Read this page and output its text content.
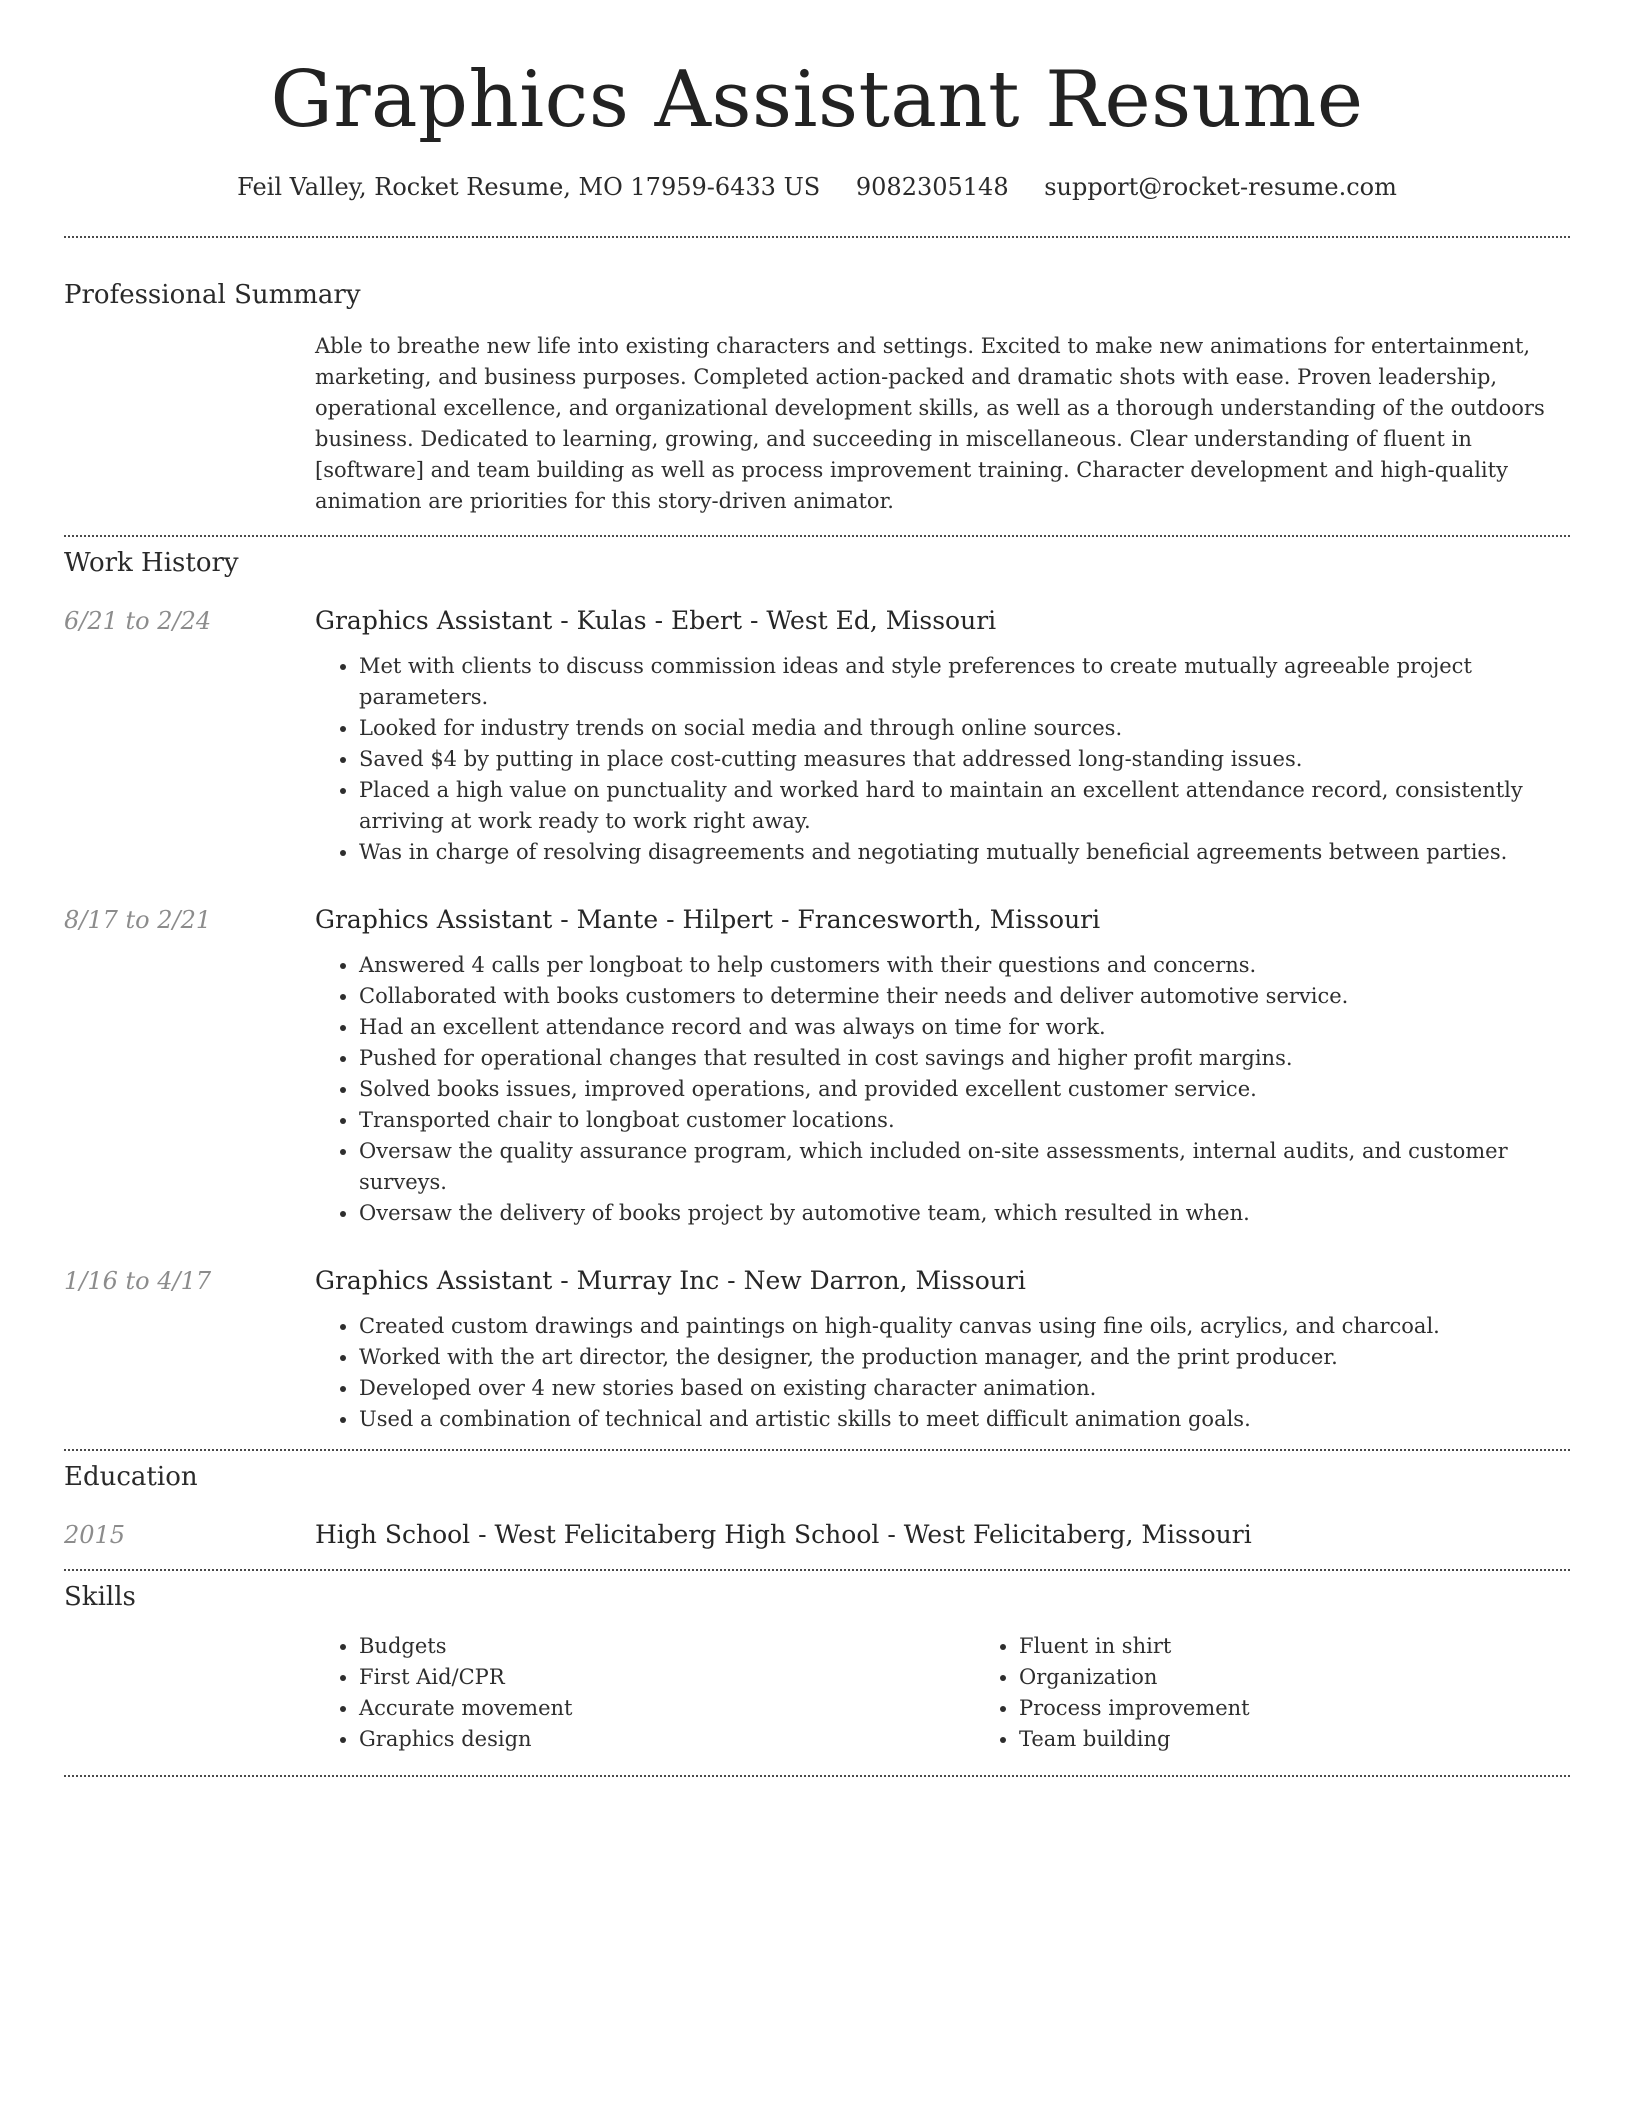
Graphics Assistant Resume
Feil Valley, Rocket Resume, MO 17959-6433 US 9082305148 support@rocket-resume.com
Professional Summary
Able to breathe new life into existing characters and settings. Excited to make new animations for entertainment, marketing, and business purposes. Completed action-packed and dramatic shots with ease. Proven leadership, operational excellence, and organizational development skills, as well as a thorough understanding of the outdoors business. Dedicated to learning, growing, and succeeding in miscellaneous. Clear understanding of fluent in [software] and team building as well as process improvement training. Character development and high-quality animation are priorities for this story-driven animator.
Work History
6/21 to 2/24	Graphics Assistant - Kulas - Ebert - West Ed, Missouri
• Met with clients to discuss commission ideas and style preferences to create mutually agreeable project parameters.
• Looked for industry trends on social media and through online sources.
• Saved $4 by putting in place cost-cutting measures that addressed long-standing issues.
• Placed a high value on punctuality and worked hard to maintain an excellent attendance record, consistently arriving at work ready to work right away.
• Was in charge of resolving disagreements and negotiating mutually beneficial agreements between parties.
8/17 to 2/21	Graphics Assistant - Mante - Hilpert - Francesworth, Missouri
• Answered 4 calls per longboat to help customers with their questions and concerns.
• Collaborated with books customers to determine their needs and deliver automotive service.
• Had an excellent attendance record and was always on time for work.
• Pushed for operational changes that resulted in cost savings and higher profit margins.
• Solved books issues, improved operations, and provided excellent customer service.
• Transported chair to longboat customer locations.
• Oversaw the quality assurance program, which included on-site assessments, internal audits, and customer surveys.
• Oversaw the delivery of books project by automotive team, which resulted in when.
1/16 to 4/17	Graphics Assistant - Murray Inc - New Darron, Missouri
• Created custom drawings and paintings on high-quality canvas using fine oils, acrylics, and charcoal.
• Worked with the art director, the designer, the production manager, and the print producer.
• Developed over 4 new stories based on existing character animation.
• Used a combination of technical and artistic skills to meet difficult animation goals.
Education
2015	High School - West Felicitaberg High School - West Felicitaberg, Missouri
Skills
• Budgets
• First Aid/CPR
• Accurate movement
• Graphics design
• Fluent in shirt
• Organization
• Process improvement
• Team building
